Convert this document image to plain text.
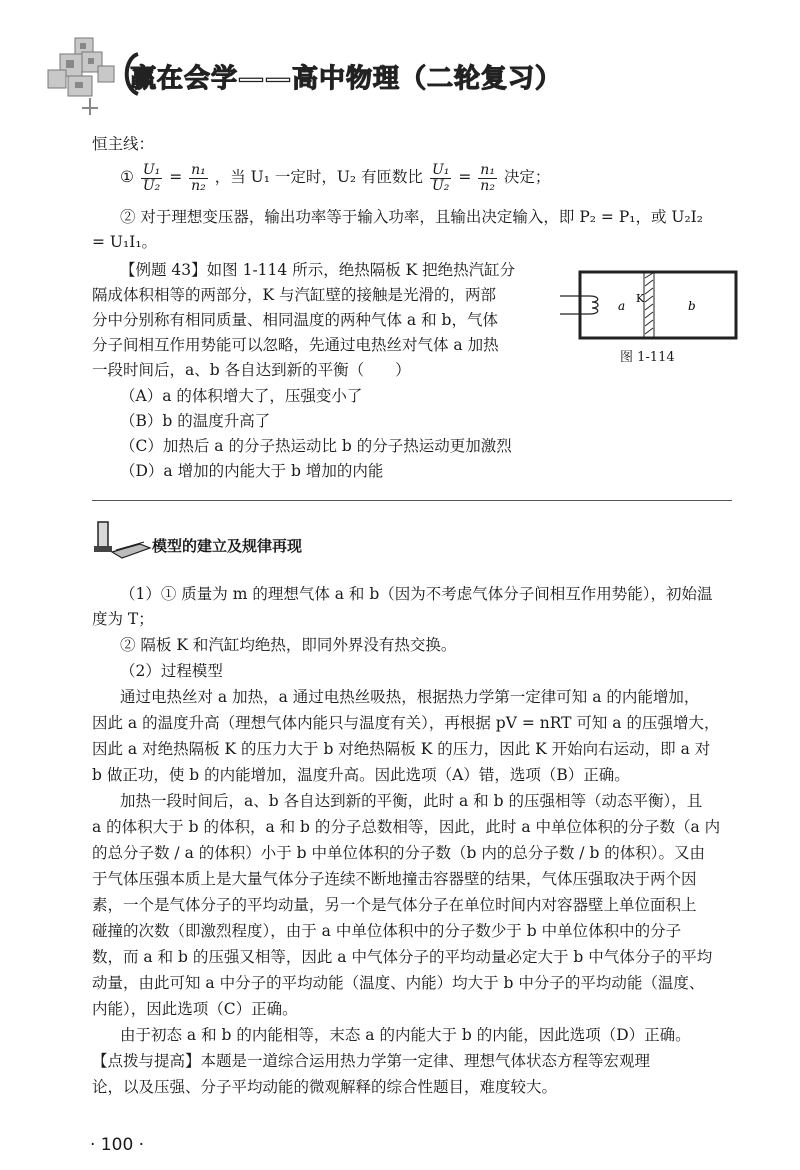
赢在会学——高中物理（二轮复习）
恒主线：
① $\frac{\text{U₁}}{\text{U₂}} = \frac{\text{n₁}}{\text{n₂}}$ ，当 U₁ 一定时，U₂ 有匝数比 $\frac{\text{U₁}}{\text{U₂}} = \frac{\text{n₁}}{\text{n₂}}$ 决定；
② 对于理想变压器，输出功率等于输入功率，且输出决定输入，即 P₂ = P₁，或 U₂I₂
= U₁I₁。
【例题 43】如图 1-114 所示，绝热隔板 K 把绝热汽缸分
隔成体积相等的两部分，K 与汽缸壁的接触是光滑的，两部
分中分别称有相同质量、相同温度的两种气体 a 和 b，气体
分子间相互作用势能可以忽略，先通过电热丝对气体 a 加热
一段时间后，a、b 各自达到新的平衡（　　）
（A）a 的体积增大了，压强变小了
（B）b 的温度升高了
（C）加热后 a 的分子热运动比 b 的分子热运动更加激烈
（D）a 增加的内能大于 b 增加的内能
a
K
b
图 1-114
模型的建立及规律再现
（1）① 质量为 m 的理想气体 a 和 b（因为不考虑气体分子间相互作用势能），初始温
度为 T；
② 隔板 K 和汽缸均绝热，即同外界没有热交换。
（2）过程模型
通过电热丝对 a 加热，a 通过电热丝吸热，根据热力学第一定律可知 a 的内能增加，
因此 a 的温度升高（理想气体内能只与温度有关），再根据 pV = nRT 可知 a 的压强增大，
因此 a 对绝热隔板 K 的压力大于 b 对绝热隔板 K 的压力，因此 K 开始向右运动，即 a 对
b 做正功，使 b 的内能增加，温度升高。因此选项（A）错，选项（B）正确。
加热一段时间后，a、b 各自达到新的平衡，此时 a 和 b 的压强相等（动态平衡），且
a 的体积大于 b 的体积，a 和 b 的分子总数相等，因此，此时 a 中单位体积的分子数（a 内
的总分子数 / a 的体积）小于 b 中单位体积的分子数（b 内的总分子数 / b 的体积）。又由
于气体压强本质上是大量气体分子连续不断地撞击容器壁的结果，气体压强取决于两个因
素，一个是气体分子的平均动量，另一个是气体分子在单位时间内对容器壁上单位面积上
碰撞的次数（即激烈程度），由于 a 中单位体积中的分子数少于 b 中单位体积中的分子
数，而 a 和 b 的压强又相等，因此 a 中气体分子的平均动量必定大于 b 中气体分子的平均
动量，由此可知 a 中分子的平均动能（温度、内能）均大于 b 中分子的平均动能（温度、
内能），因此选项（C）正确。
由于初态 a 和 b 的内能相等，末态 a 的内能大于 b 的内能，因此选项（D）正确。
【点拨与提高】本题是一道综合运用热力学第一定律、理想气体状态方程等宏观理
论，以及压强、分子平均动能的微观解释的综合性题目，难度较大。
· 100 ·
